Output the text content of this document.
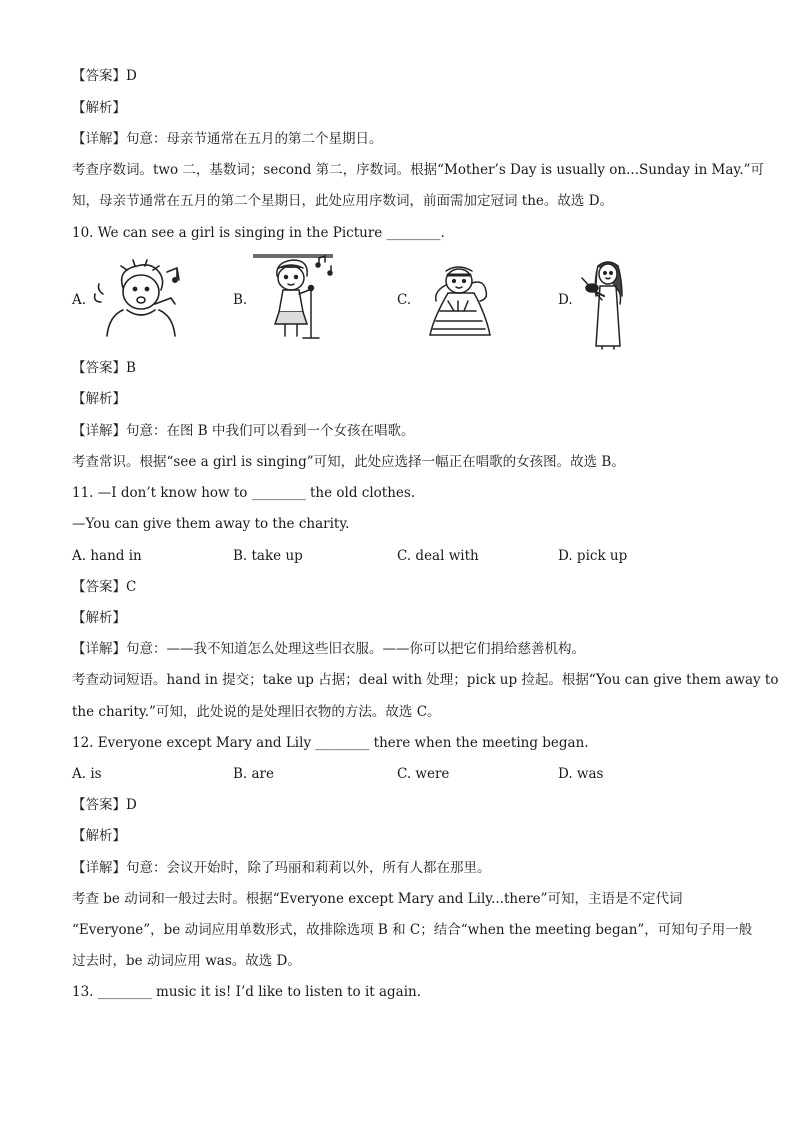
【答案】D
【解析】
【详解】句意：母亲节通常在五月的第二个星期日。
考查序数词。two 二，基数词；second 第二，序数词。根据“Mother’s Day is usually on...Sunday in May.”可
知，母亲节通常在五月的第二个星期日，此处应用序数词，前面需加定冠词 the。故选 D。
10. We can see a girl is singing in the Picture ________.
A.	B.	C.	D.
【答案】B
【解析】
【详解】句意：在图 B 中我们可以看到一个女孩在唱歌。
考查常识。根据“see a girl is singing”可知，此处应选择一幅正在唱歌的女孩图。故选 B。
11. —I don’t know how to ________ the old clothes.
—You can give them away to the charity.
A. hand in	B. take up	C. deal with	D. pick up
【答案】C
【解析】
【详解】句意：——我不知道怎么处理这些旧衣服。——你可以把它们捐给慈善机构。
考查动词短语。hand in 提交；take up 占据；deal with 处理；pick up 捡起。根据“You can give them away to
the charity.”可知，此处说的是处理旧衣物的方法。故选 C。
12. Everyone except Mary and Lily ________ there when the meeting began.
A. is	B. are	C. were	D. was
【答案】D
【解析】
【详解】句意：会议开始时，除了玛丽和莉莉以外，所有人都在那里。
考查 be 动词和一般过去时。根据“Everyone except Mary and Lily...there”可知，主语是不定代词
“Everyone”，be 动词应用单数形式，故排除选项 B 和 C；结合“when the meeting began”，可知句子用一般
过去时，be 动词应用 was。故选 D。
13. ________ music it is! I’d like to listen to it again.
